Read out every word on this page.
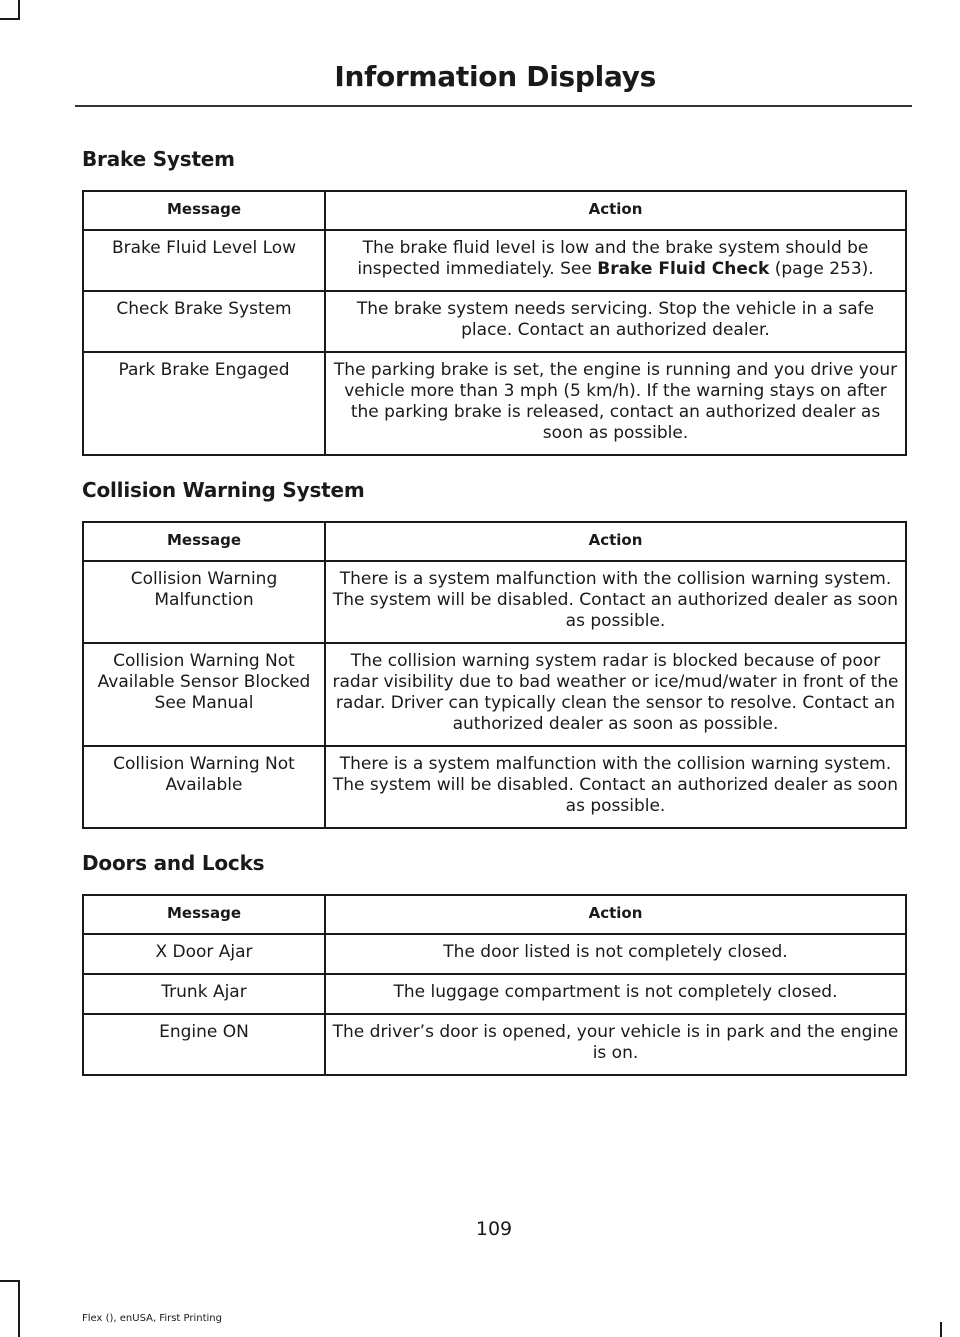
Information Displays
Brake System
Message	Action
Brake Fluid Level Low	The brake fluid level is low and the brake system should be inspected immediately. See Brake Fluid Check (page 253).
Check Brake System	The brake system needs servicing. Stop the vehicle in a safe place. Contact an authorized dealer.
Park Brake Engaged	The parking brake is set, the engine is running and you drive your vehicle more than 3 mph (5 km/h). If the warning stays on after the parking brake is released, contact an authorized dealer as soon as possible.
Collision Warning System
Message	Action
Collision Warning Malfunction	There is a system malfunction with the collision warning system. The system will be disabled. Contact an authorized dealer as soon as possible.
Collision Warning Not Available Sensor Blocked See Manual	The collision warning system radar is blocked because of poor radar visibility due to bad weather or ice/mud/water in front of the radar. Driver can typically clean the sensor to resolve. Contact an authorized dealer as soon as possible.
Collision Warning Not Available	There is a system malfunction with the collision warning system. The system will be disabled. Contact an authorized dealer as soon as possible.
Doors and Locks
Message	Action
X Door Ajar	The door listed is not completely closed.
Trunk Ajar	The luggage compartment is not completely closed.
Engine ON	The driver’s door is opened, your vehicle is in park and the engine is on.
109
Flex (), enUSA, First Printing
